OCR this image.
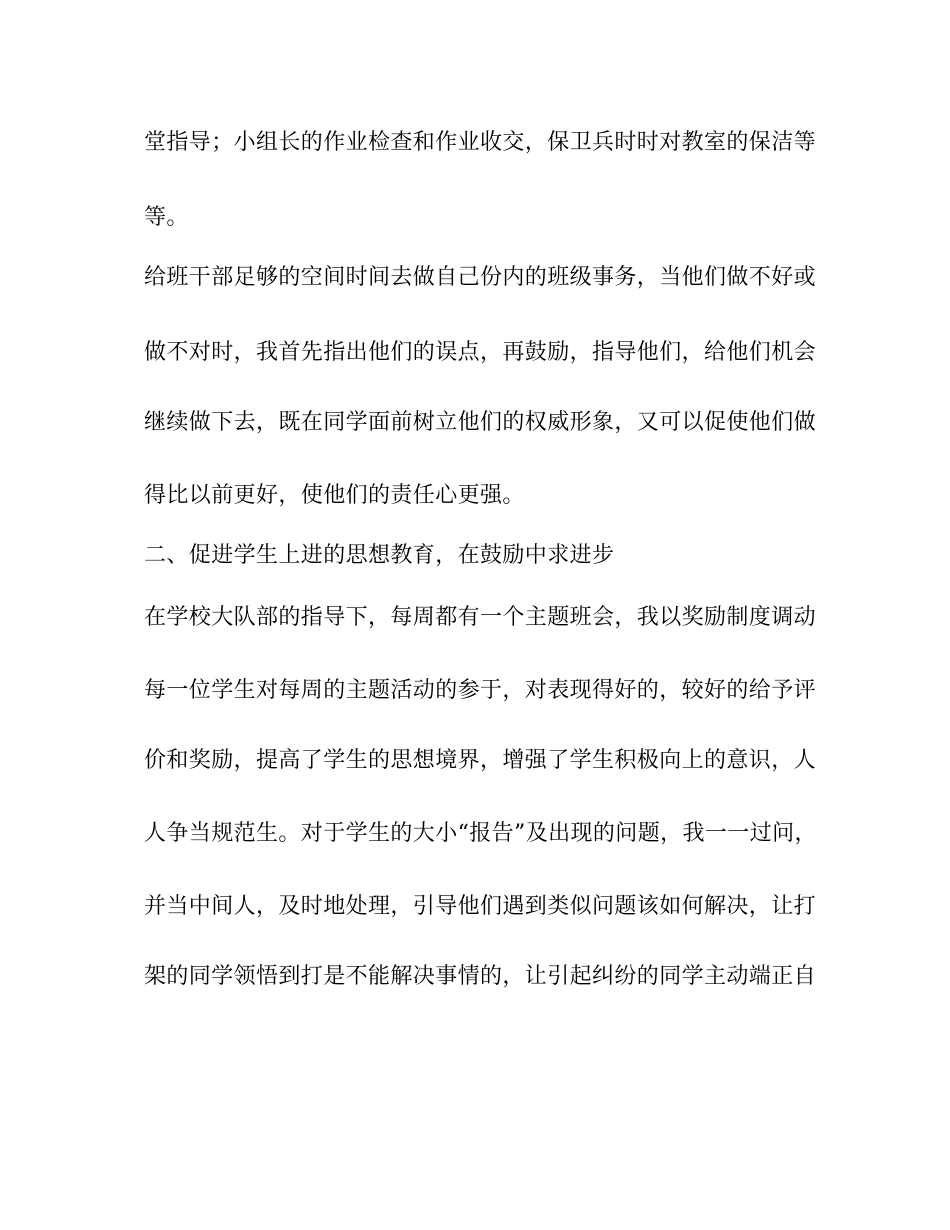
堂指导；小组长的作业检查和作业收交，保卫兵时时对教室的保洁等
等。
给班干部足够的空间时间去做自己份内的班级事务，当他们做不好或
做不对时，我首先指出他们的误点，再鼓励，指导他们，给他们机会
继续做下去，既在同学面前树立他们的权威形象，又可以促使他们做
得比以前更好，使他们的责任心更强。
二、促进学生上进的思想教育，在鼓励中求进步
在学校大队部的指导下，每周都有一个主题班会，我以奖励制度调动
每一位学生对每周的主题活动的参于，对表现得好的，较好的给予评
价和奖励，提高了学生的思想境界，增强了学生积极向上的意识，人
人争当规范生。对于学生的大小“报告”及出现的问题，我一一过问，
并当中间人，及时地处理，引导他们遇到类似问题该如何解决，让打
架的同学领悟到打是不能解决事情的，让引起纠纷的同学主动端正自
